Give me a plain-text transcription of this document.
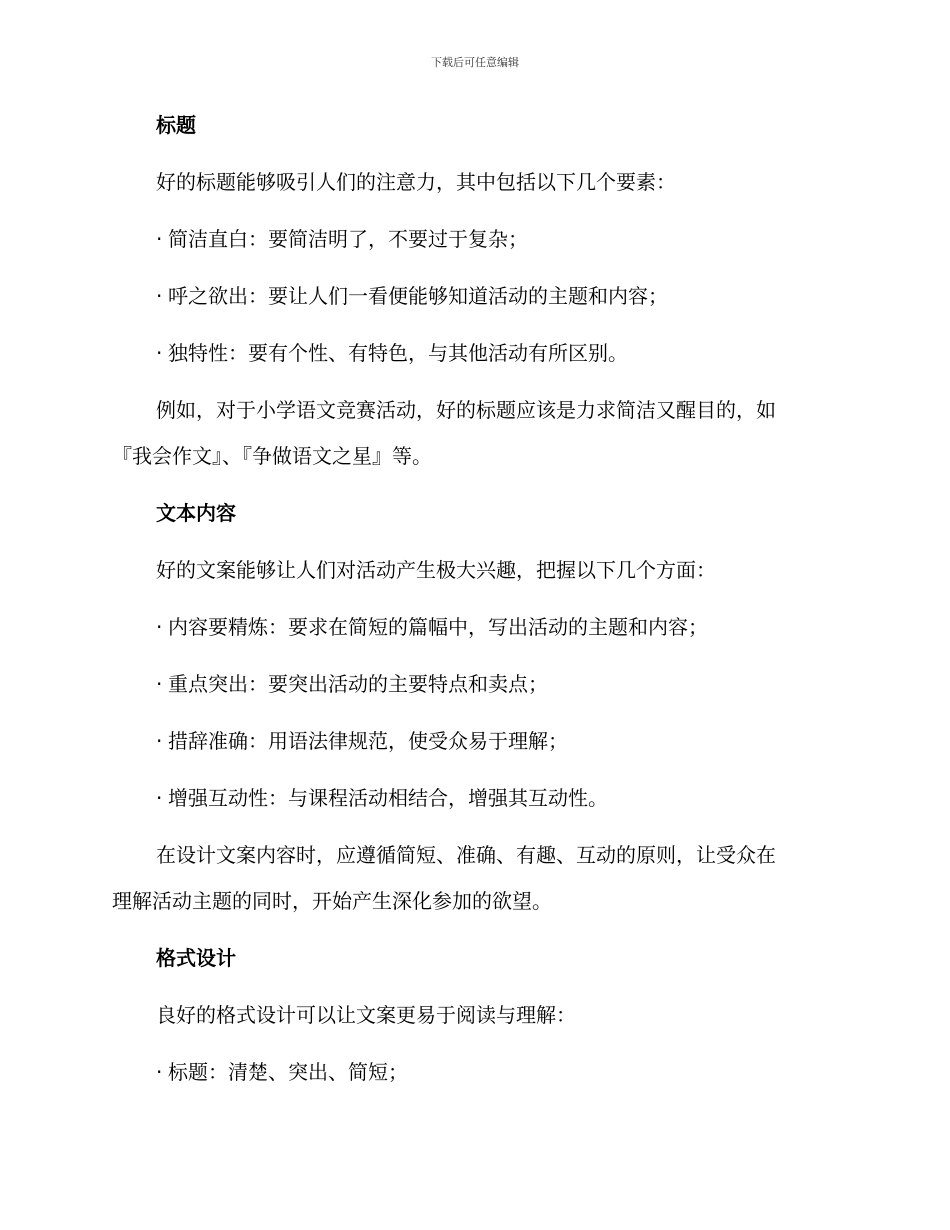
下载后可任意编辑

标题

好的标题能够吸引人们的注意力，其中包括以下几个要素：

· 简洁直白：要简洁明了，不要过于复杂；

· 呼之欲出：要让人们一看便能够知道活动的主题和内容；

· 独特性：要有个性、有特色，与其他活动有所区别。

例如，对于小学语文竞赛活动，好的标题应该是力求简洁又醒目的，如
『我会作文』、『争做语文之星』等。

文本内容

好的文案能够让人们对活动产生极大兴趣，把握以下几个方面：

· 内容要精炼：要求在简短的篇幅中，写出活动的主题和内容；

· 重点突出：要突出活动的主要特点和卖点；

· 措辞准确：用语法律规范，使受众易于理解；

· 增强互动性：与课程活动相结合，增强其互动性。

在设计文案内容时，应遵循简短、准确、有趣、互动的原则，让受众在
理解活动主题的同时，开始产生深化参加的欲望。

格式设计

良好的格式设计可以让文案更易于阅读与理解：

· 标题：清楚、突出、简短；
